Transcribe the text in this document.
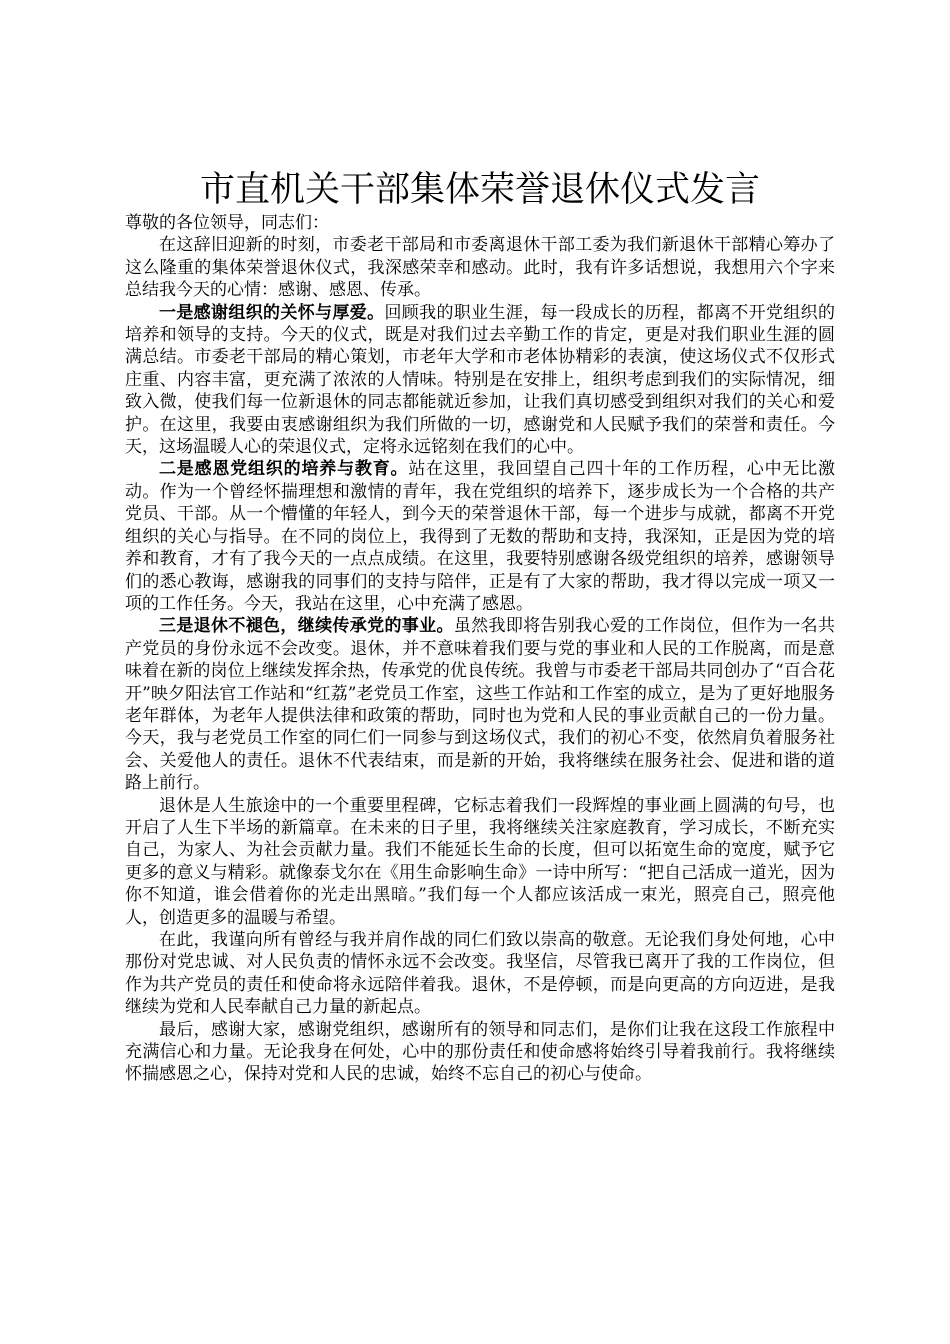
市直机关干部集体荣誉退休仪式发言

尊敬的各位领导，同志们：

在这辞旧迎新的时刻，市委老干部局和市委离退休干部工委为我们新退休干部精心筹办了这么隆重的集体荣誉退休仪式，我深感荣幸和感动。此时，我有许多话想说，我想用六个字来总结我今天的心情：感谢、感恩、传承。

一是感谢组织的关怀与厚爱。回顾我的职业生涯，每一段成长的历程，都离不开党组织的培养和领导的支持。今天的仪式，既是对我们过去辛勤工作的肯定，更是对我们职业生涯的圆满总结。市委老干部局的精心策划，市老年大学和市老体协精彩的表演，使这场仪式不仅形式庄重、内容丰富，更充满了浓浓的人情味。特别是在安排上，组织考虑到我们的实际情况，细致入微，使我们每一位新退休的同志都能就近参加，让我们真切感受到组织对我们的关心和爱护。在这里，我要由衷感谢组织为我们所做的一切，感谢党和人民赋予我们的荣誉和责任。今天，这场温暖人心的荣退仪式，定将永远铭刻在我们的心中。

二是感恩党组织的培养与教育。站在这里，我回望自己四十年的工作历程，心中无比激动。作为一个曾经怀揣理想和激情的青年，我在党组织的培养下，逐步成长为一个合格的共产党员、干部。从一个懵懂的年轻人，到今天的荣誉退休干部，每一个进步与成就，都离不开党组织的关心与指导。在不同的岗位上，我得到了无数的帮助和支持，我深知，正是因为党的培养和教育，才有了我今天的一点点成绩。在这里，我要特别感谢各级党组织的培养，感谢领导们的悉心教诲，感谢我的同事们的支持与陪伴，正是有了大家的帮助，我才得以完成一项又一项的工作任务。今天，我站在这里，心中充满了感恩。

三是退休不褪色，继续传承党的事业。虽然我即将告别我心爱的工作岗位，但作为一名共产党员的身份永远不会改变。退休，并不意味着我们要与党的事业和人民的工作脱离，而是意味着在新的岗位上继续发挥余热，传承党的优良传统。我曾与市委老干部局共同创办了“百合花开”映夕阳法官工作站和“红荔”老党员工作室，这些工作站和工作室的成立，是为了更好地服务老年群体，为老年人提供法律和政策的帮助，同时也为党和人民的事业贡献自己的一份力量。今天，我与老党员工作室的同仁们一同参与到这场仪式，我们的初心不变，依然肩负着服务社会、关爱他人的责任。退休不代表结束，而是新的开始，我将继续在服务社会、促进和谐的道路上前行。

退休是人生旅途中的一个重要里程碑，它标志着我们一段辉煌的事业画上圆满的句号，也开启了人生下半场的新篇章。在未来的日子里，我将继续关注家庭教育，学习成长，不断充实自己，为家人、为社会贡献力量。我们不能延长生命的长度，但可以拓宽生命的宽度，赋予它更多的意义与精彩。就像泰戈尔在《用生命影响生命》一诗中所写：“把自己活成一道光，因为你不知道，谁会借着你的光走出黑暗。”我们每一个人都应该活成一束光，照亮自己，照亮他人，创造更多的温暖与希望。

在此，我谨向所有曾经与我并肩作战的同仁们致以崇高的敬意。无论我们身处何地，心中那份对党忠诚、对人民负责的情怀永远不会改变。我坚信，尽管我已离开了我的工作岗位，但作为共产党员的责任和使命将永远陪伴着我。退休，不是停顿，而是向更高的方向迈进，是我继续为党和人民奉献自己力量的新起点。

最后，感谢大家，感谢党组织，感谢所有的领导和同志们，是你们让我在这段工作旅程中充满信心和力量。无论我身在何处，心中的那份责任和使命感将始终引导着我前行。我将继续怀揣感恩之心，保持对党和人民的忠诚，始终不忘自己的初心与使命。
